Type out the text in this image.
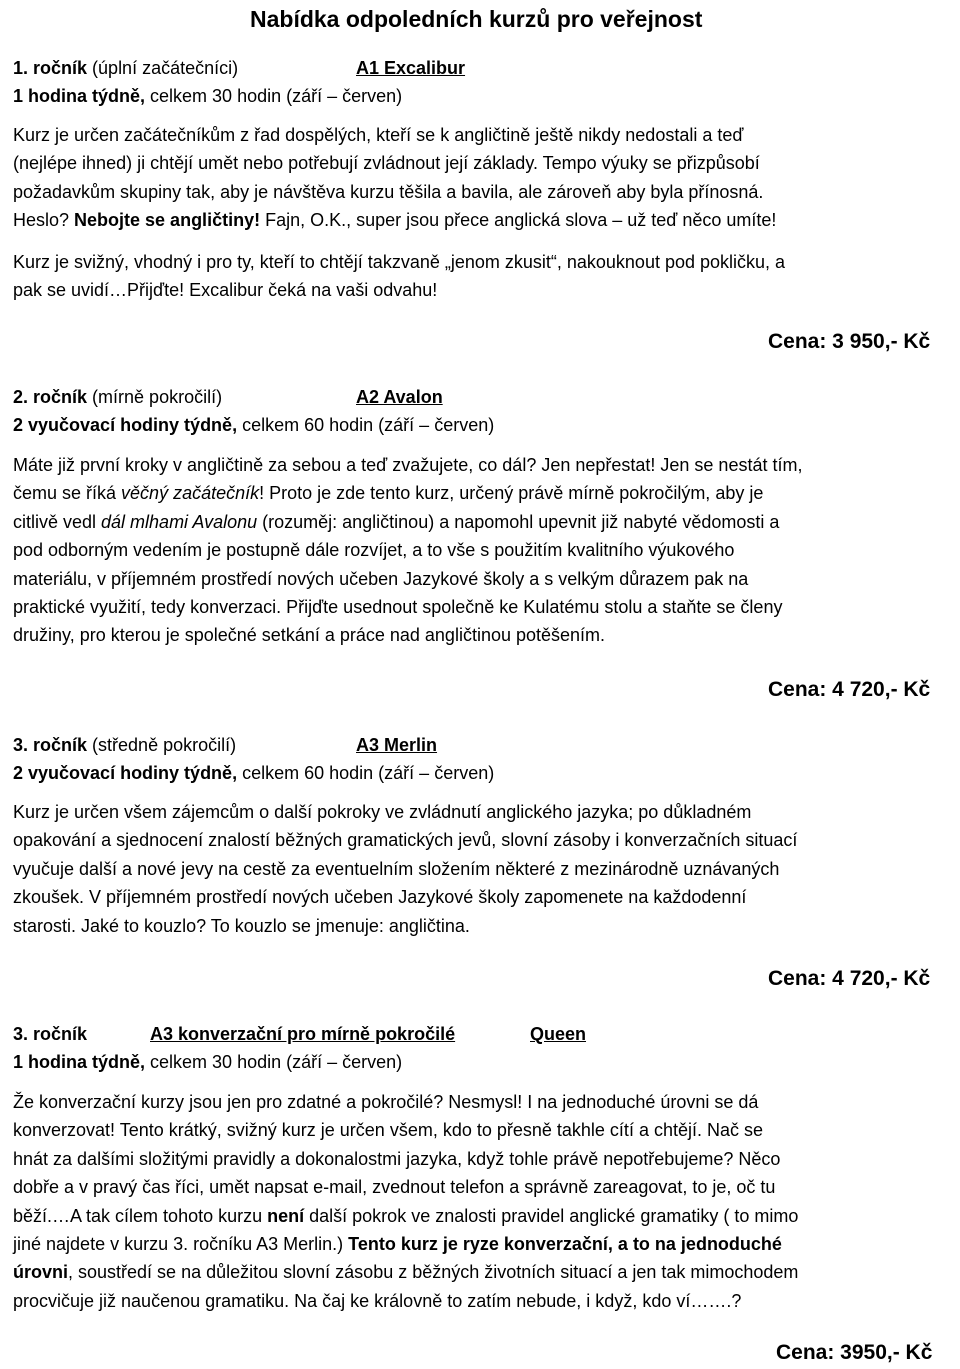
Nabídka odpoledních kurzů pro veřejnost
1. ročník (úplní začátečníci)	A1 Excalibur
1 hodina týdně, celkem 30 hodin (září – červen)
Kurz je určen začátečníkům z řad dospělých, kteří se k angličtině ještě nikdy nedostali a teď
(nejlépe ihned) ji chtějí umět nebo potřebují zvládnout její základy. Tempo výuky se přizpůsobí
požadavkům skupiny tak, aby je návštěva kurzu těšila a bavila, ale zároveň aby byla přínosná.
Heslo? Nebojte se angličtiny! Fajn, O.K., super jsou přece anglická slova – už teď něco umíte!
Kurz je svižný, vhodný i pro ty, kteří to chtějí takzvaně „jenom zkusit“, nakouknout pod pokličku, a
pak se uvidí…Přijďte! Excalibur čeká na vaši odvahu!
Cena: 3 950,- Kč
2. ročník (mírně pokročilí)	A2 Avalon
2 vyučovací hodiny týdně, celkem 60 hodin (září – červen)
Máte již první kroky v angličtině za sebou a teď zvažujete, co dál? Jen nepřestat! Jen se nestát tím,
čemu se říká věčný začátečník! Proto je zde tento kurz, určený právě mírně pokročilým, aby je
citlivě vedl dál mlhami Avalonu (rozuměj: angličtinou) a napomohl upevnit již nabyté vědomosti a
pod odborným vedením je postupně dále rozvíjet, a to vše s použitím kvalitního výukového
materiálu, v příjemném prostředí nových učeben Jazykové školy a s velkým důrazem pak na
praktické využití, tedy konverzaci. Přijďte usednout společně ke Kulatému stolu a staňte se členy
družiny, pro kterou je společné setkání a práce nad angličtinou potěšením.
Cena: 4 720,- Kč
3. ročník (středně pokročilí)	A3 Merlin
2 vyučovací hodiny týdně, celkem 60 hodin (září – červen)
Kurz je určen všem zájemcům o další pokroky ve zvládnutí anglického jazyka; po důkladném
opakování a sjednocení znalostí běžných gramatických jevů, slovní zásoby i konverzačních situací
vyučuje další a nové jevy na cestě za eventuelním složením některé z mezinárodně uznávaných
zkoušek. V příjemném prostředí nových učeben Jazykové školy zapomenete na každodenní
starosti. Jaké to kouzlo? To kouzlo se jmenuje: angličtina.
Cena: 4 720,- Kč
3. ročník	A3 konverzační pro mírně pokročilé	Queen
1 hodina týdně, celkem 30 hodin (září – červen)
Že konverzační kurzy jsou jen pro zdatné a pokročilé? Nesmysl! I na jednoduché úrovni se dá
konverzovat! Tento krátký, svižný kurz je určen všem, kdo to přesně takhle cítí a chtějí. Nač se
hnát za dalšími složitými pravidly a dokonalostmi jazyka, když tohle právě nepotřebujeme? Něco
dobře a v pravý čas říci, umět napsat e-mail, zvednout telefon a správně zareagovat, to je, oč tu
běží.…A tak cílem tohoto kurzu není další pokrok ve znalosti pravidel anglické gramatiky ( to mimo
jiné najdete v kurzu 3. ročníku A3 Merlin.) Tento kurz je ryze konverzační, a to na jednoduché
úrovni, soustředí se na důležitou slovní zásobu z běžných životních situací a jen tak mimochodem
procvičuje již naučenou gramatiku. Na čaj ke královně to zatím nebude, i když, kdo ví…….?
Cena: 3950,- Kč
